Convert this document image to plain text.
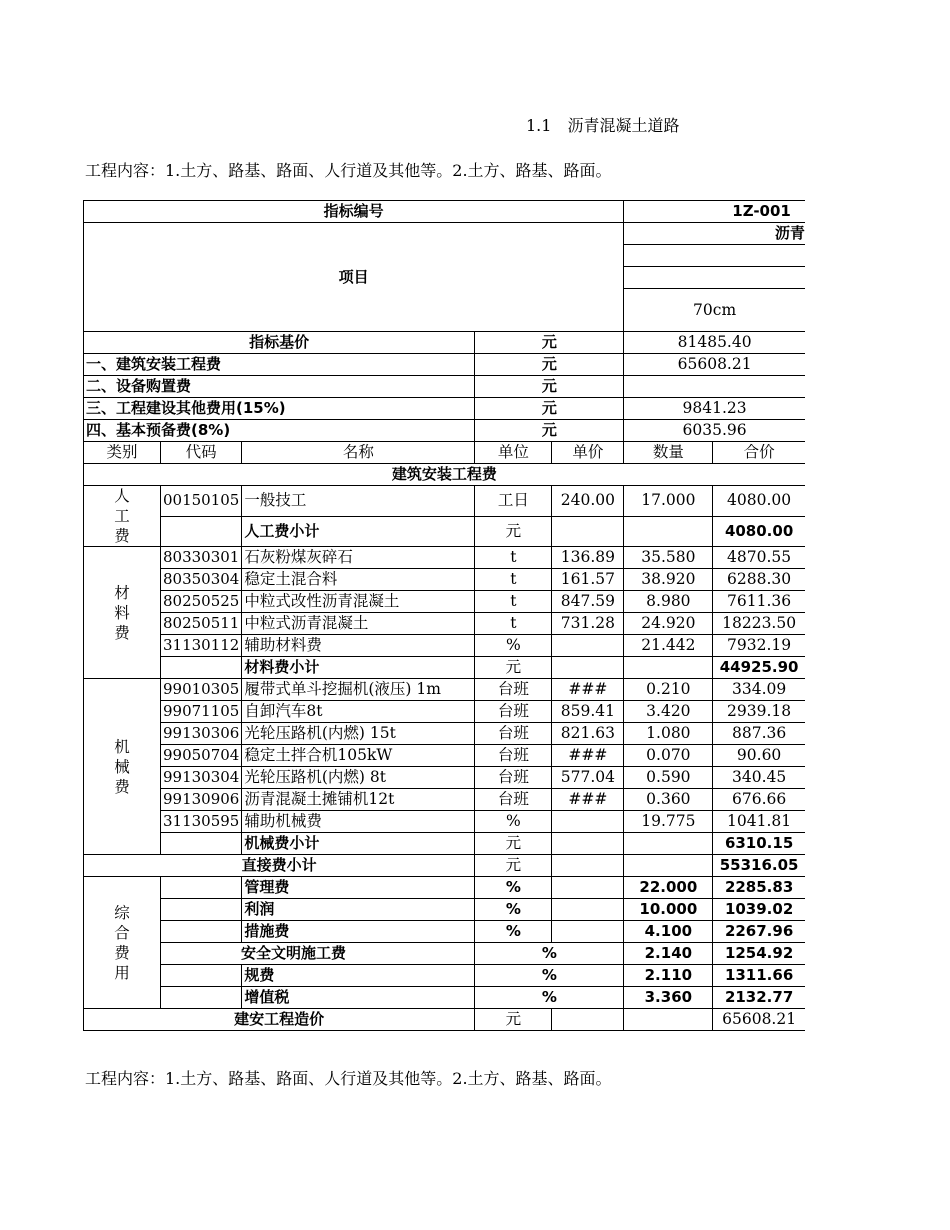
1.1　沥青混凝土道路
工程内容：1.土方、路基、路面、人行道及其他等。2.土方、路基、路面。
指标编号					1Z-001	
项目					沥青	

					70cm	
指标基价			元		81485.40	
一、建筑安装工程费			元		65608.21	
二、设备购置费			元			
三、工程建设其他费用(15%)			元		9841.23	
四、基本预备费(8%)			元		6035.96	
类别	代码	名称	单位	单价	数量	合价
建筑安装工程费						
人工费	00150105	一般技工	工日	240.00	17.000	4080.00
		人工费小计	元			4080.00
材料费	80330301	石灰粉煤灰碎石	t	136.89	35.580	4870.55
	80350304	稳定土混合料	t	161.57	38.920	6288.30
	80250525	中粒式改性沥青混凝土	t	847.59	8.980	7611.36
	80250511	中粒式沥青混凝土	t	731.28	24.920	18223.50
	31130112	辅助材料费	%		21.442	7932.19
		材料费小计	元			44925.90
机械费	99010305	履带式单斗挖掘机(液压) 1m	台班	###	0.210	334.09
	99071105	自卸汽车8t	台班	859.41	3.420	2939.18
	99130306	光轮压路机(内燃) 15t	台班	821.63	1.080	887.36
	99050704	稳定土拌合机105kW	台班	###	0.070	90.60
	99130304	光轮压路机(内燃) 8t	台班	577.04	0.590	340.45
	99130906	沥青混凝土摊铺机12t	台班	###	0.360	676.66
	31130595	辅助机械费	%		19.775	1041.81
		机械费小计	元			6310.15
直接费小计			元			55316.05
综合费用		管理费	%		22.000	2285.83
		利润	%		10.000	1039.02
		措施费	%		4.100	2267.96
	安全文明施工费		%		2.140	1254.92
		规费	%		2.110	1311.66
		增值税	%		3.360	2132.77
建安工程造价			元			65608.21
工程内容：1.土方、路基、路面、人行道及其他等。2.土方、路基、路面。
